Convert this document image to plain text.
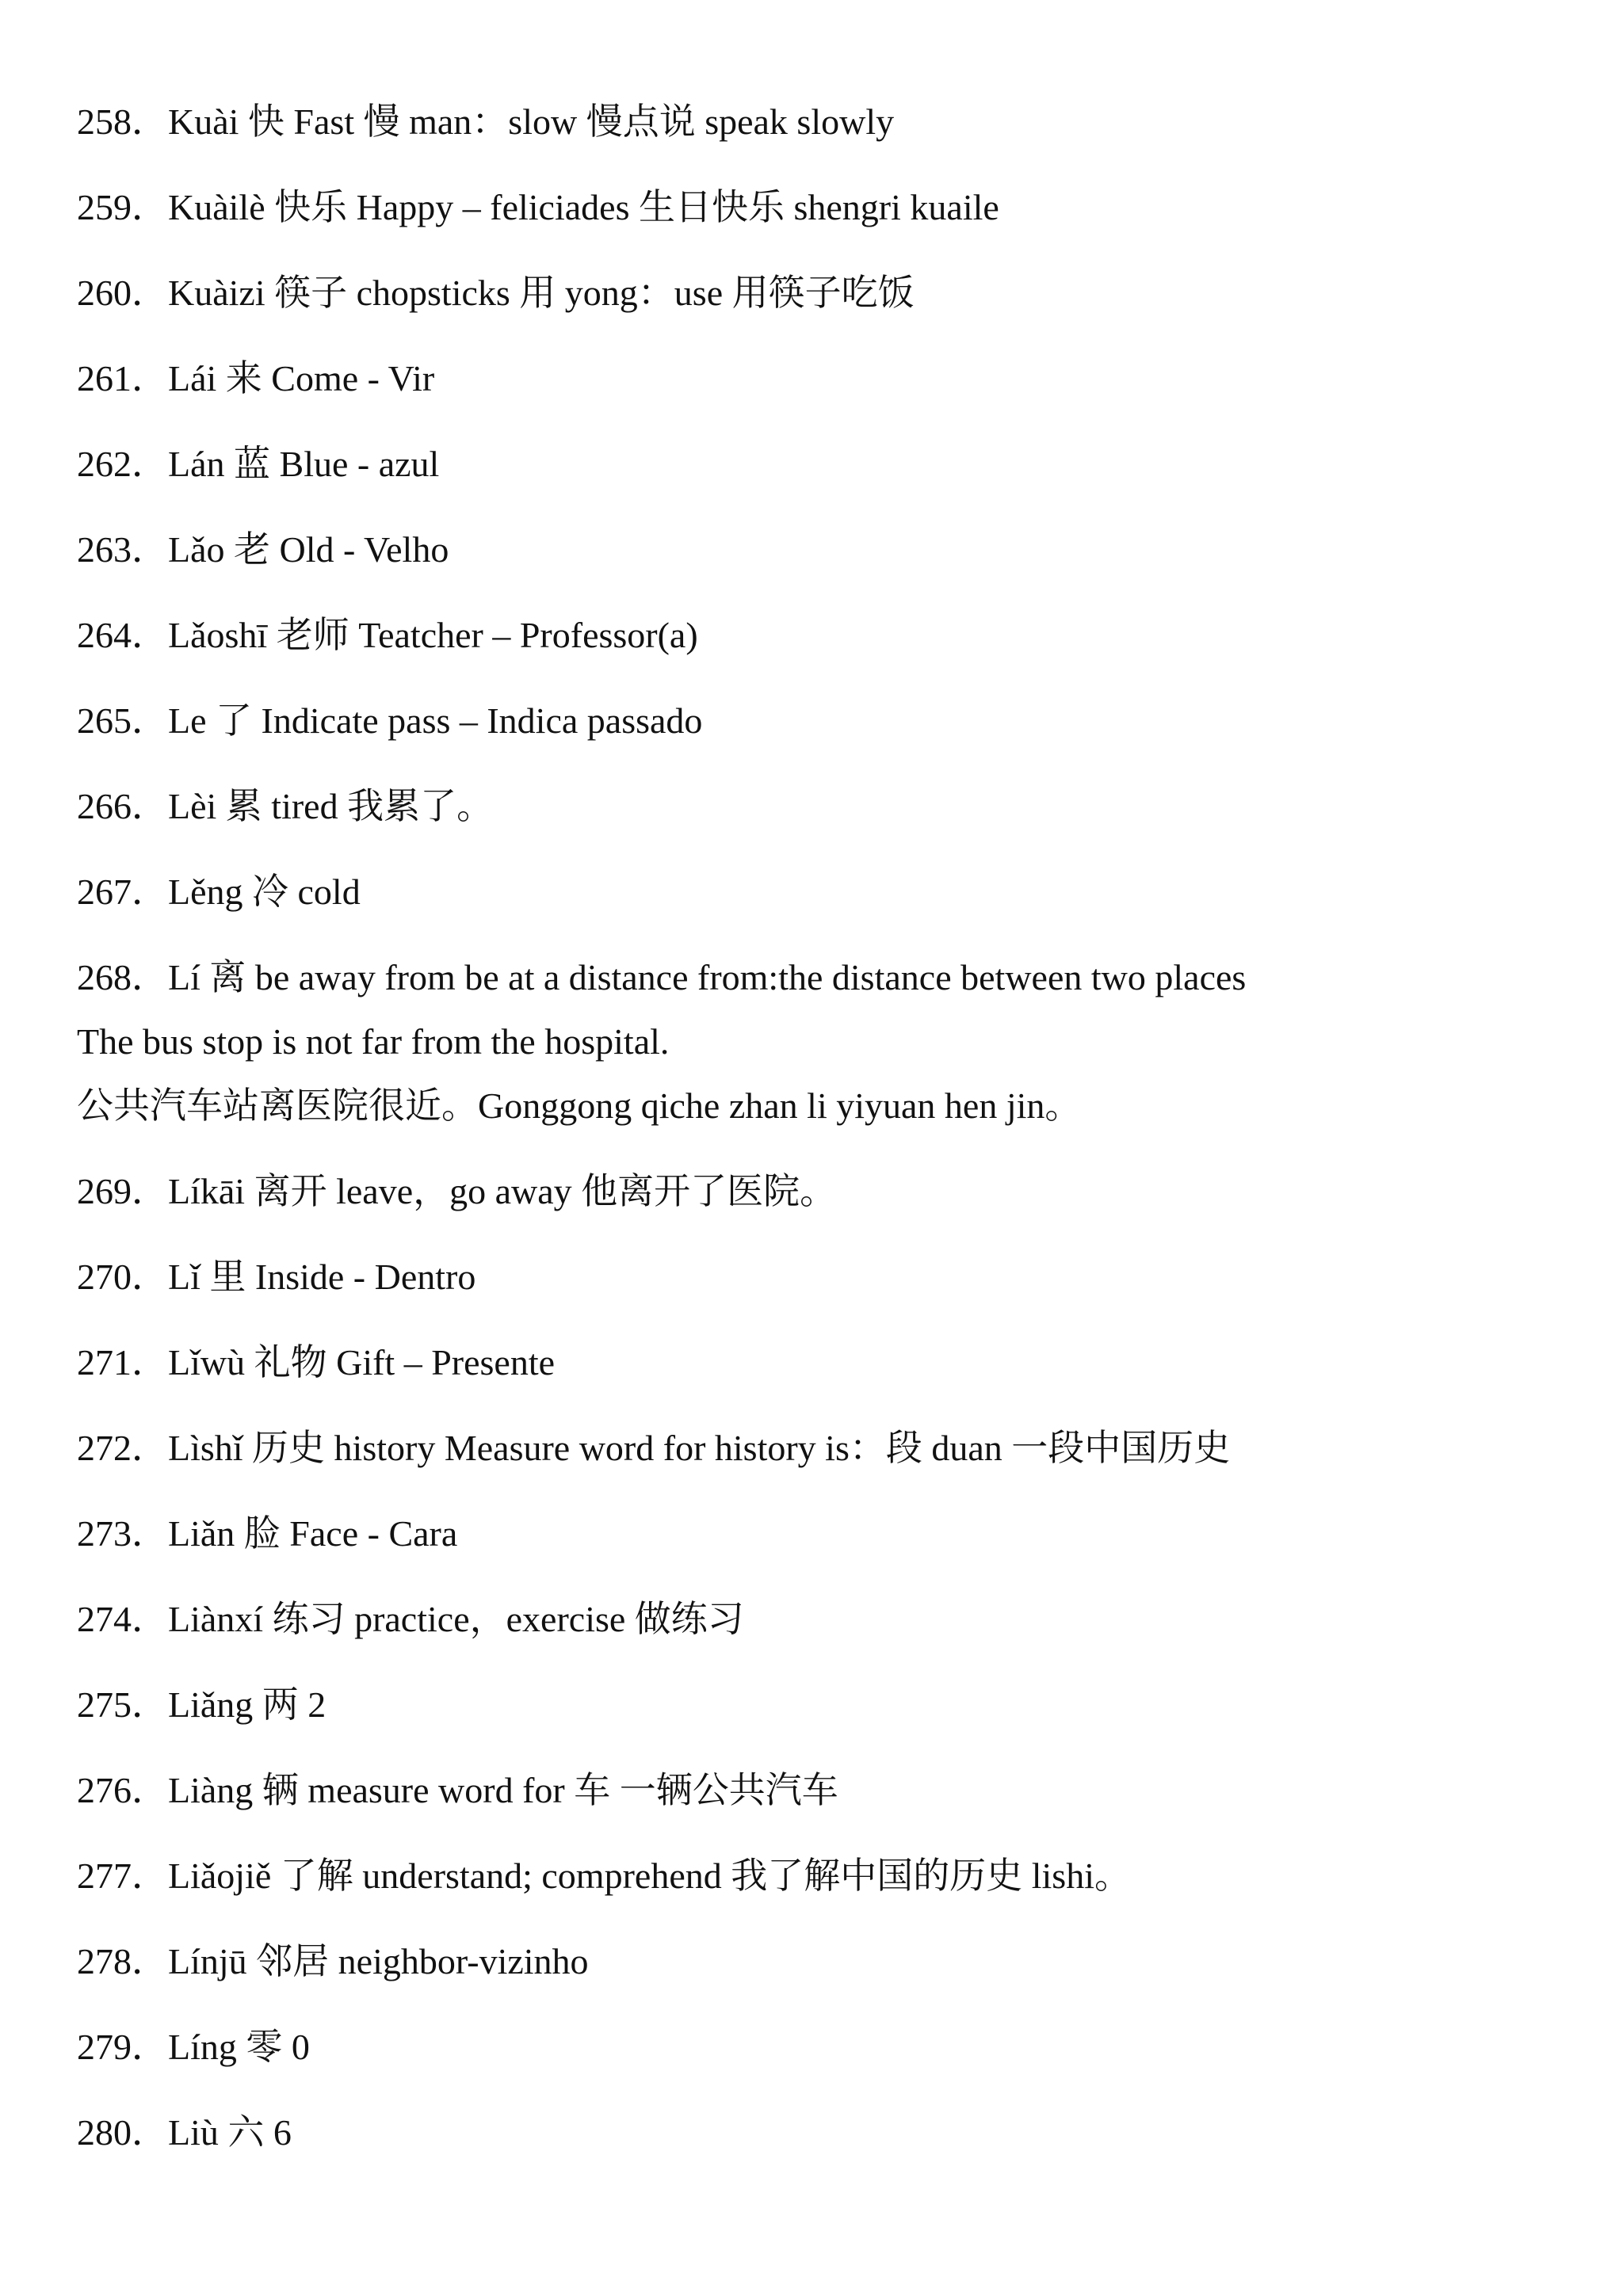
258．Kuài 快 Fast 慢 man：slow 慢点说 speak slowly
259．Kuàilè 快乐 Happy – feliciades 生日快乐 shengri kuaile
260．Kuàizi 筷子 chopsticks 用 yong：use 用筷子吃饭
261．Lái 来 Come - Vir
262．Lán 蓝 Blue - azul
263．Lǎo 老 Old - Velho
264．Lǎoshī 老师 Teatcher – Professor(a)
265．Le 了 Indicate pass – Indica passado
266．Lèi 累 tired 我累了。
267．Lěng 冷 cold
268．Lí 离 be away from be at a distance from:the distance between two places
The bus stop is not far from the hospital.
公共汽车站离医院很近。Gonggong qiche zhan li yiyuan hen jin。
269．Líkāi 离开 leave，go away 他离开了医院。
270．Lǐ 里 Inside - Dentro
271．Lǐwù 礼物 Gift – Presente
272．Lìshǐ 历史 history Measure word for history is：段 duan 一段中国历史
273．Liǎn 脸 Face - Cara
274．Liànxí 练习 practice，exercise 做练习
275．Liǎng 两 2
276．Liàng 辆 measure word for 车 一辆公共汽车
277．Liǎojiě 了解 understand; comprehend 我了解中国的历史 lishi。
278．Línjū 邻居 neighbor-vizinho
279．Líng 零 0
280．Liù 六 6
